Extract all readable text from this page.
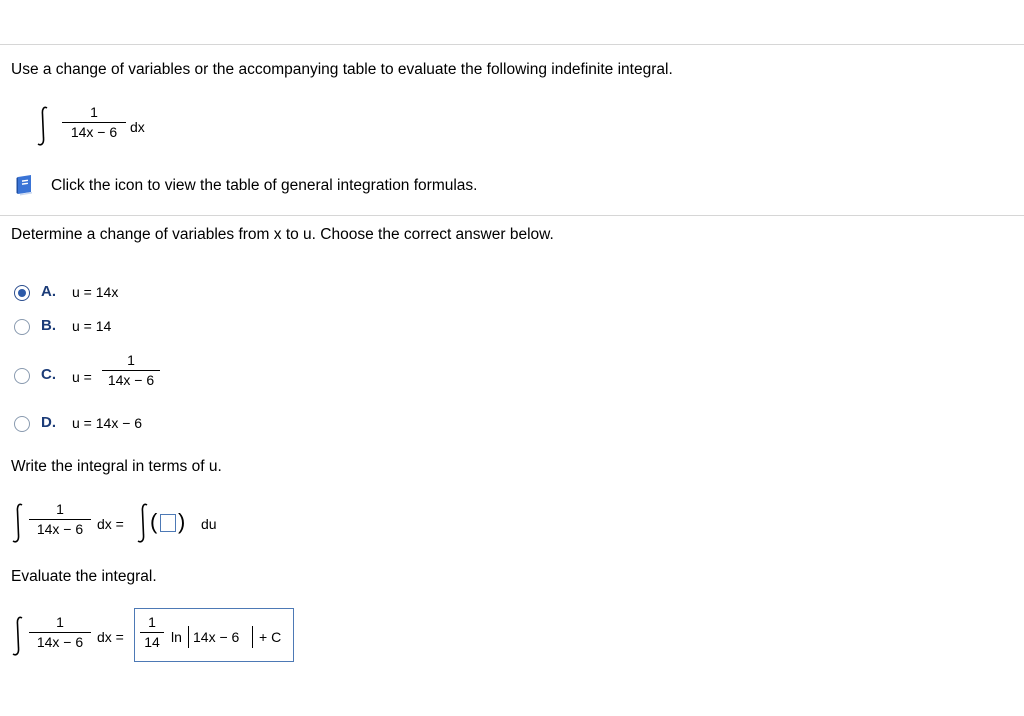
Use a change of variables or the accompanying table to evaluate the following indefinite integral.
1
14x − 6 dx
Click the icon to view the table of general integration formulas.
Determine a change of variables from x to u. Choose the correct answer below.
A. u = 14x
B. u = 14
C. u =
1
14x − 6
D. u = 14x − 6
Write the integral in terms of u.
1
14x − 6 dx = ( ) du
Evaluate the integral.
1
14x − 6 dx =
1
14 ln 14x − 6 + C
